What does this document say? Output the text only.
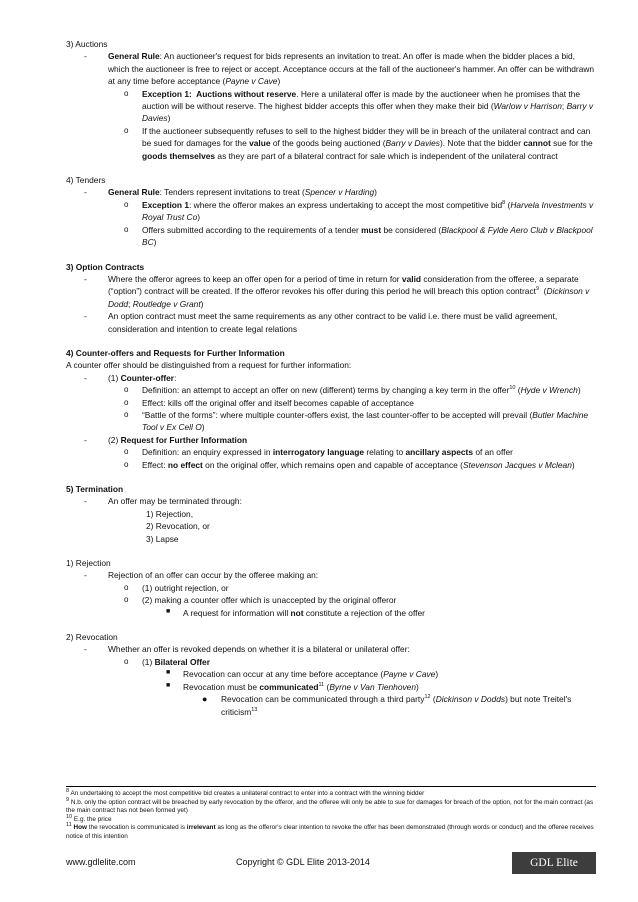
3) Auctions
-	General Rule: An auctioneer's request for bids represents an invitation to treat. An offer is made when the bidder places a bid, which the auctioneer is free to reject or accept. Acceptance occurs at the fall of the auctioneer's hammer. An offer can be withdrawn at any time before acceptance (Payne v Cave)
o Exception 1:  Auctions without reserve. Here a unilateral offer is made by the auctioneer when he promises that the auction will be without reserve. The highest bidder accepts this offer when they make their bid (Warlow v Harrison; Barry v Davies)
o If the auctioneer subsequently refuses to sell to the highest bidder they will be in breach of the unilateral contract and can be sued for damages for the value of the goods being auctioned (Barry v Davies). Note that the bidder cannot sue for the goods themselves as they are part of a bilateral contract for sale which is independent of the unilateral contract
4) Tenders
-	General Rule: Tenders represent invitations to treat (Spencer v Harding)
o Exception 1: where the offeror makes an express undertaking to accept the most competitive bid$^8$ (Harvela Investments v Royal Trust Co)
o Offers submitted according to the requirements of a tender must be considered (Blackpool & Fylde Aero Club v Blackpool BC)
3) Option Contracts
-	Where the offeror agrees to keep an offer open for a period of time in return for valid consideration from the offeree, a separate (“option”) contract will be created. If the offeror revokes his offer during this period he will breach this option contract$^9$  (Dickinson v Dodd; Routledge v Grant)
-	An option contract must meet the same requirements as any other contract to be valid i.e. there must be valid agreement, consideration and intention to create legal relations
4) Counter-offers and Requests for Further Information
A counter offer should be distinguished from a request for further information:
-	(1) Counter-offer:
o Definition: an attempt to accept an offer on new (different) terms by changing a key term in the offer$^{10}$ (Hyde v Wrench)
o Effect: kills off the original offer and itself becomes capable of acceptance
o “Battle of the forms”: where multiple counter-offers exist, the last counter-offer to be accepted will prevail (Butler Machine Tool v Ex Cell O)
-	(2) Request for Further Information
o Definition: an enquiry expressed in interrogatory language relating to ancillary aspects of an offer
o Effect: no effect on the original offer, which remains open and capable of acceptance (Stevenson Jacques v Mclean)
5) Termination
-	An offer may be terminated through:
1) Rejection,
2) Revocation, or
3) Lapse
1) Rejection
-	Rejection of an offer can occur by the offeree making an:
o (1) outright rejection, or
o (2) making a counter offer which is unaccepted by the original offeror
■ A request for information will not constitute a rejection of the offer
2) Revocation
-	Whether an offer is revoked depends on whether it is a bilateral or unilateral offer:
o (1) Bilateral Offer
■ Revocation can occur at any time before acceptance (Payne v Cave)
■ Revocation must be communicated$^{11}$ (Byrne v Van Tienhoven)
● Revocation can be communicated through a third party$^{12}$ (Dickinson v Dodds) but note Treitel's criticism$^{13}$
8 An undertaking to accept the most competitive bid creates a unilateral contract to enter into a contract with the winning bidder
9 N.b. only the option contract will be breached by early revocation by the offeror, and the offeree will only be able to sue for damages for breach of the option, not for the main contract (as the main contract has not been formed yet)
10 E.g. the price
11 How the revocation is communicated is irrelevant as long as the offeror's clear intention to revoke the offer has been demonstrated (through words or conduct) and the offeree receives notice of this intention
www.gdlelite.com	Copyright © GDL Elite 2013-2014	GDL Elite
